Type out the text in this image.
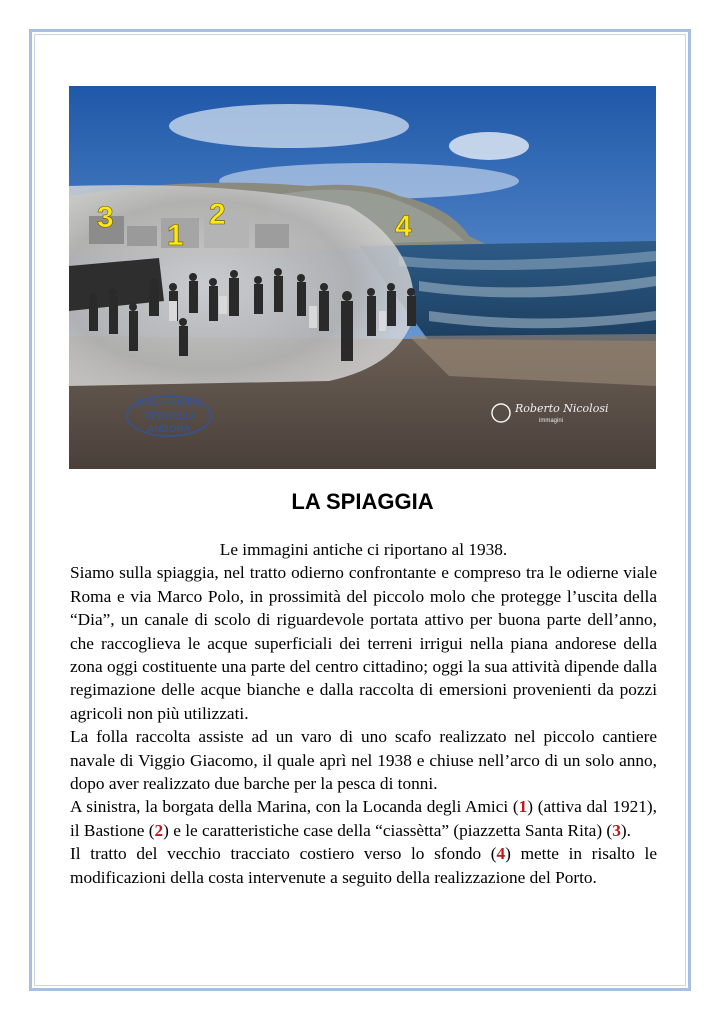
COLLEZIONE
VERCELLI
ANDORA
Roberto Nicolosi
immagini
3
1
2	4
LA SPIAGGIA

Le immagini antiche ci riportano al 1938.

Siamo sulla spiaggia, nel tratto odierno confrontante e compreso tra le odierne viale Roma e via Marco Polo, in prossimità del piccolo molo che protegge l’uscita della “Dia”, un canale di scolo di riguardevole portata attivo per buona parte dell’anno, che raccoglieva le acque superficiali dei terreni irrigui nella piana andorese della zona oggi costituente una parte del centro cittadino; oggi la sua attività dipende dalla regimazione delle acque bianche e dalla raccolta di emersioni provenienti da pozzi agricoli non più utilizzati.

La folla raccolta assiste ad un varo di uno scafo realizzato nel piccolo cantiere navale di Viggio Giacomo, il quale aprì nel 1938 e chiuse nell’arco di un solo anno, dopo aver realizzato due barche per la pesca di tonni.

A sinistra, la borgata della Marina, con la Locanda degli Amici (1) (attiva dal 1921), il Bastione (2) e le caratteristiche case della “ciassètta” (piazzetta Santa Rita) (3).

Il tratto del vecchio tracciato costiero verso lo sfondo (4) mette in risalto le modificazioni della costa intervenute a seguito della realizzazione del Porto.
